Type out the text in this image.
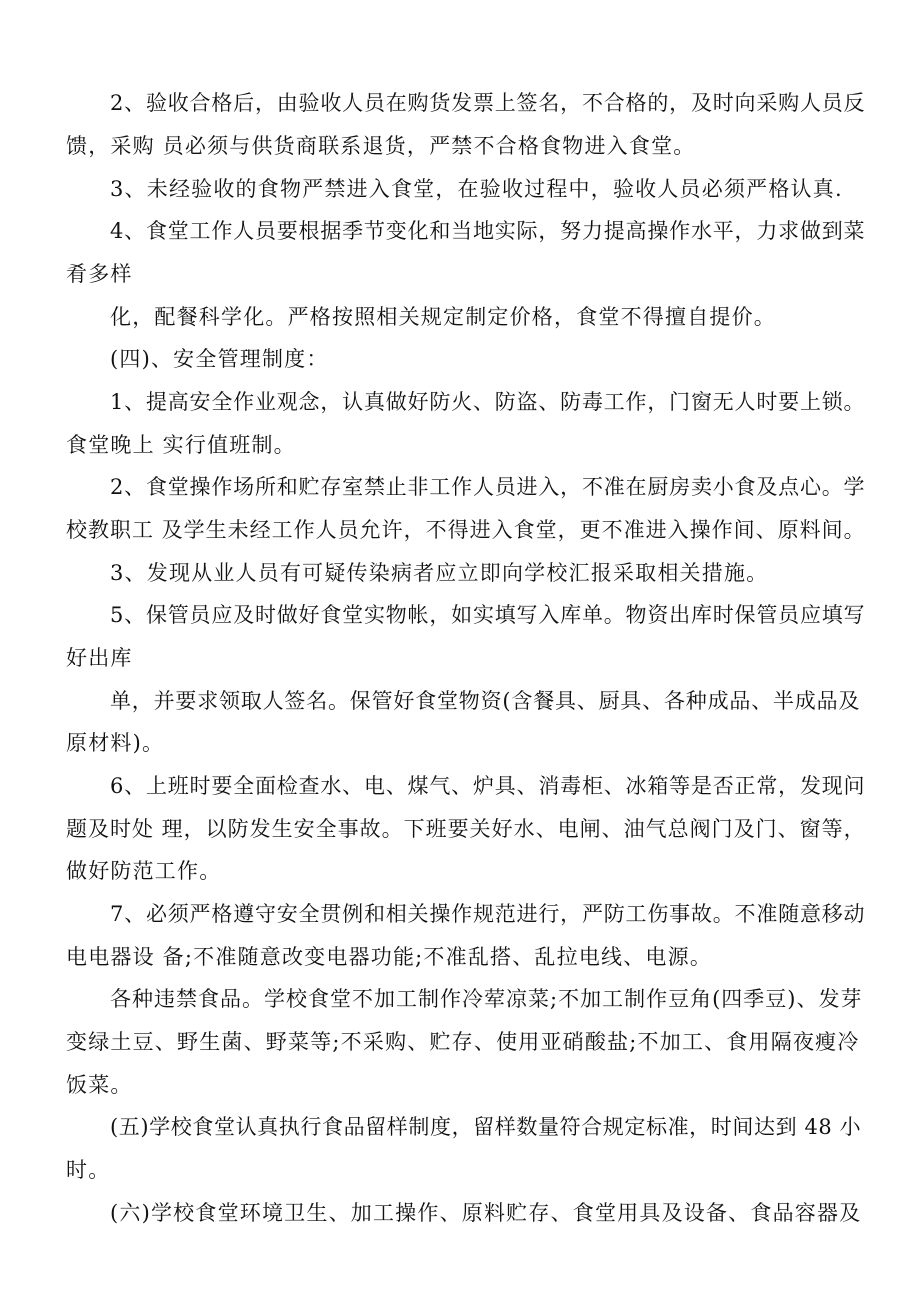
2、验收合格后，由验收人员在购货发票上签名，不合格的，及时向采购人员反
馈，采购 员必须与供货商联系退货，严禁不合格食物进入食堂。
3、未经验收的食物严禁进入食堂，在验收过程中，验收人员必须严格认真.
4、食堂工作人员要根据季节变化和当地实际，努力提高操作水平，力求做到菜
肴多样
化，配餐科学化。严格按照相关规定制定价格，食堂不得擅自提价。
(四)、安全管理制度：
1、提高安全作业观念，认真做好防火、防盗、防毒工作，门窗无人时要上锁。
食堂晚上 实行值班制。
2、食堂操作场所和贮存室禁止非工作人员进入，不准在厨房卖小食及点心。学
校教职工 及学生未经工作人员允许，不得进入食堂，更不准进入操作间、原料间。
3、发现从业人员有可疑传染病者应立即向学校汇报采取相关措施。
5、保管员应及时做好食堂实物帐，如实填写入库单。物资出库时保管员应填写
好出库
单，并要求领取人签名。保管好食堂物资(含餐具、厨具、各种成品、半成品及
原材料)。
6、上班时要全面检查水、电、煤气、炉具、消毒柜、冰箱等是否正常，发现问
题及时处 理，以防发生安全事故。下班要关好水、电闸、油气总阀门及门、窗等，
做好防范工作。
7、必须严格遵守安全贯例和相关操作规范进行，严防工伤事故。不准随意移动
电电器设 备;不准随意改变电器功能;不准乱搭、乱拉电线、电源。
各种违禁食品。学校食堂不加工制作冷荤凉菜;不加工制作豆角(四季豆)、发芽
变绿土豆、野生菌、野菜等;不采购、贮存、使用亚硝酸盐;不加工、食用隔夜瘦冷
饭菜。
(五)学校食堂认真执行食品留样制度，留样数量符合规定标准，时间达到 48 小
时。
(六)学校食堂环境卫生、加工操作、原料贮存、食堂用具及设备、食品容器及
